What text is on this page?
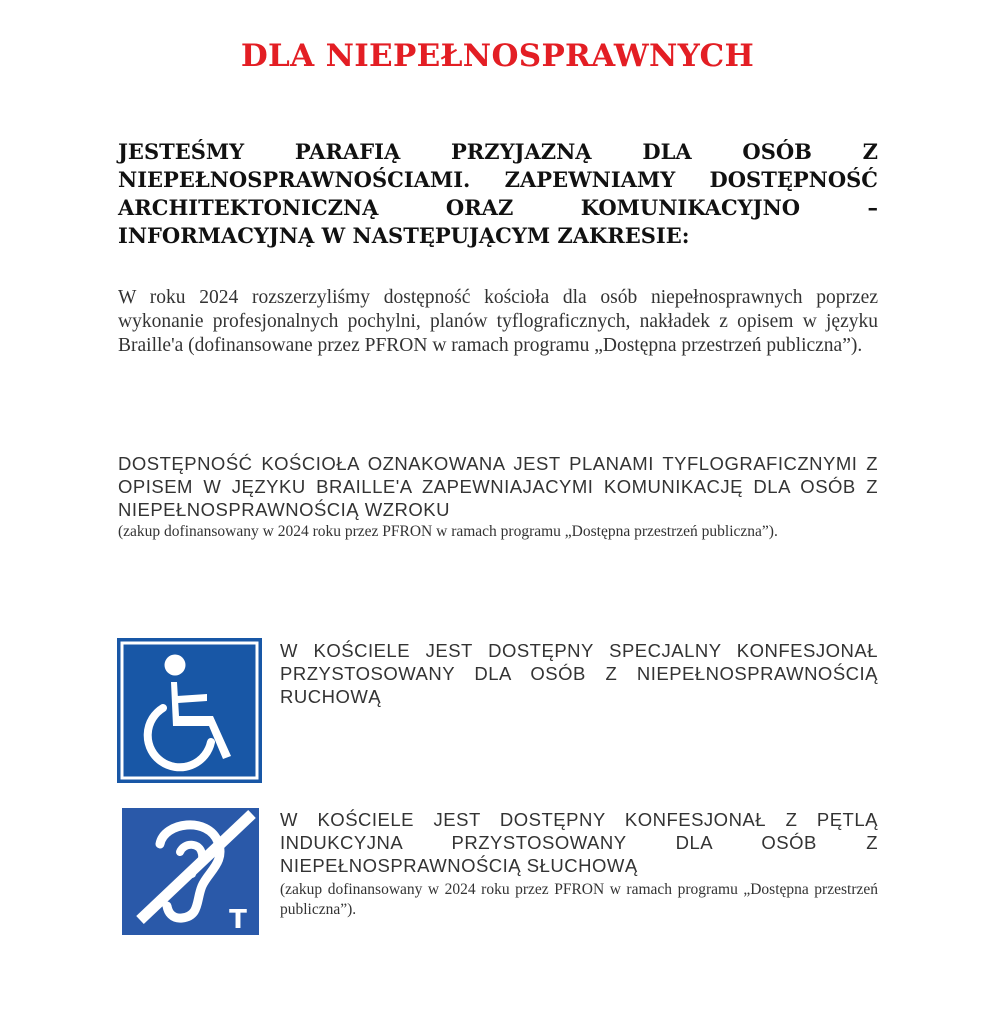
DLA NIEPEŁNOSPRAWNYCH

JESTEŚMY PARAFIĄ PRZYJAZNĄ DLA OSÓB Z NIEPEŁNOSPRAWNOŚCIAMI. ZAPEWNIAMY DOSTĘPNOŚĆ ARCHITEKTONICZNĄ ORAZ KOMUNIKACYJNO – INFORMACYJNĄ W NASTĘPUJĄCYM ZAKRESIE:

W roku 2024 rozszerzyliśmy dostępność kościoła dla osób niepełnosprawnych poprzez wykonanie profesjonalnych pochylni, planów tyflograficznych, nakładek z opisem w języku Braille'a (dofinansowane przez PFRON w ramach programu „Dostępna przestrzeń publiczna”).

DOSTĘPNOŚĆ KOŚCIOŁA OZNAKOWANA JEST PLANAMI TYFLOGRAFICZNYMI Z OPISEM W JĘZYKU BRAILLE'A ZAPEWNIAJACYMI KOMUNIKACJĘ DLA OSÓB Z NIEPEŁNOSPRAWNOŚCIĄ WZROKU

(zakup dofinansowany w 2024 roku przez PFRON w ramach programu „Dostępna przestrzeń publiczna”).

W KOŚCIELE JEST DOSTĘPNY SPECJALNY KONFESJONAŁ PRZYSTOSOWANY DLA OSÓB Z NIEPEŁNOSPRAWNOŚCIĄ RUCHOWĄ

T

W KOŚCIELE JEST DOSTĘPNY KONFESJONAŁ Z PĘTLĄ INDUKCYJNA PRZYSTOSOWANY DLA OSÓB Z NIEPEŁNOSPRAWNOŚCIĄ SŁUCHOWĄ

(zakup dofinansowany w 2024 roku przez PFRON w ramach programu „Dostępna przestrzeń publiczna”).
